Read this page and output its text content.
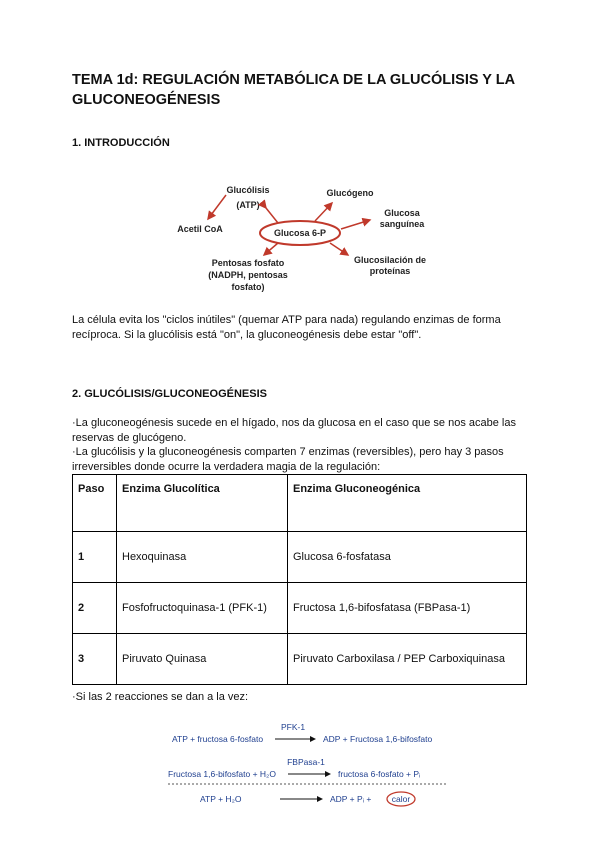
TEMA 1d: REGULACIÓN METABÓLICA DE LA GLUCÓLISIS Y LA GLUCONEOGÉNESIS
1. INTRODUCCIÓN
Glucosa 6-P
Glucólisis
(ATP)
Acetil CoA
Glucógeno
Glucosa
sanguínea
Glucosilación de
proteínas
Pentosas fosfato
(NADPH, pentosas
fosfato)
La célula evita los "ciclos inútiles" (quemar ATP para nada) regulando enzimas de forma recíproca. Si la glucólisis está "on", la gluconeogénesis debe estar "off".
2. GLUCÓLISIS/GLUCONEOGÉNESIS
·La gluconeogénesis sucede en el hígado, nos da glucosa en el caso que se nos acabe las reservas de glucógeno.
·La glucólisis y la gluconeogénesis comparten 7 enzimas (reversibles), pero hay 3 pasos irreversibles donde ocurre la verdadera magia de la regulación:
Paso	Enzima Glucolítica	Enzima Gluconeogénica
1	Hexoquinasa	Glucosa 6-fosfatasa
2	Fosfofructoquinasa-1 (PFK-1)	Fructosa 1,6-bifosfatasa (FBPasa-1)
3	Piruvato Quinasa	Piruvato Carboxilasa / PEP Carboxiquinasa
·Si las 2 reacciones se dan a la vez:
PFK-1
ATP + fructosa 6-fosfato	ADP + Fructosa 1,6-bifosfato
FBPasa-1
Fructosa 1,6-bifosfato + H₂O	fructosa 6-fosfato + Pᵢ
ATP + H₂O	ADP + Pᵢ + calor
